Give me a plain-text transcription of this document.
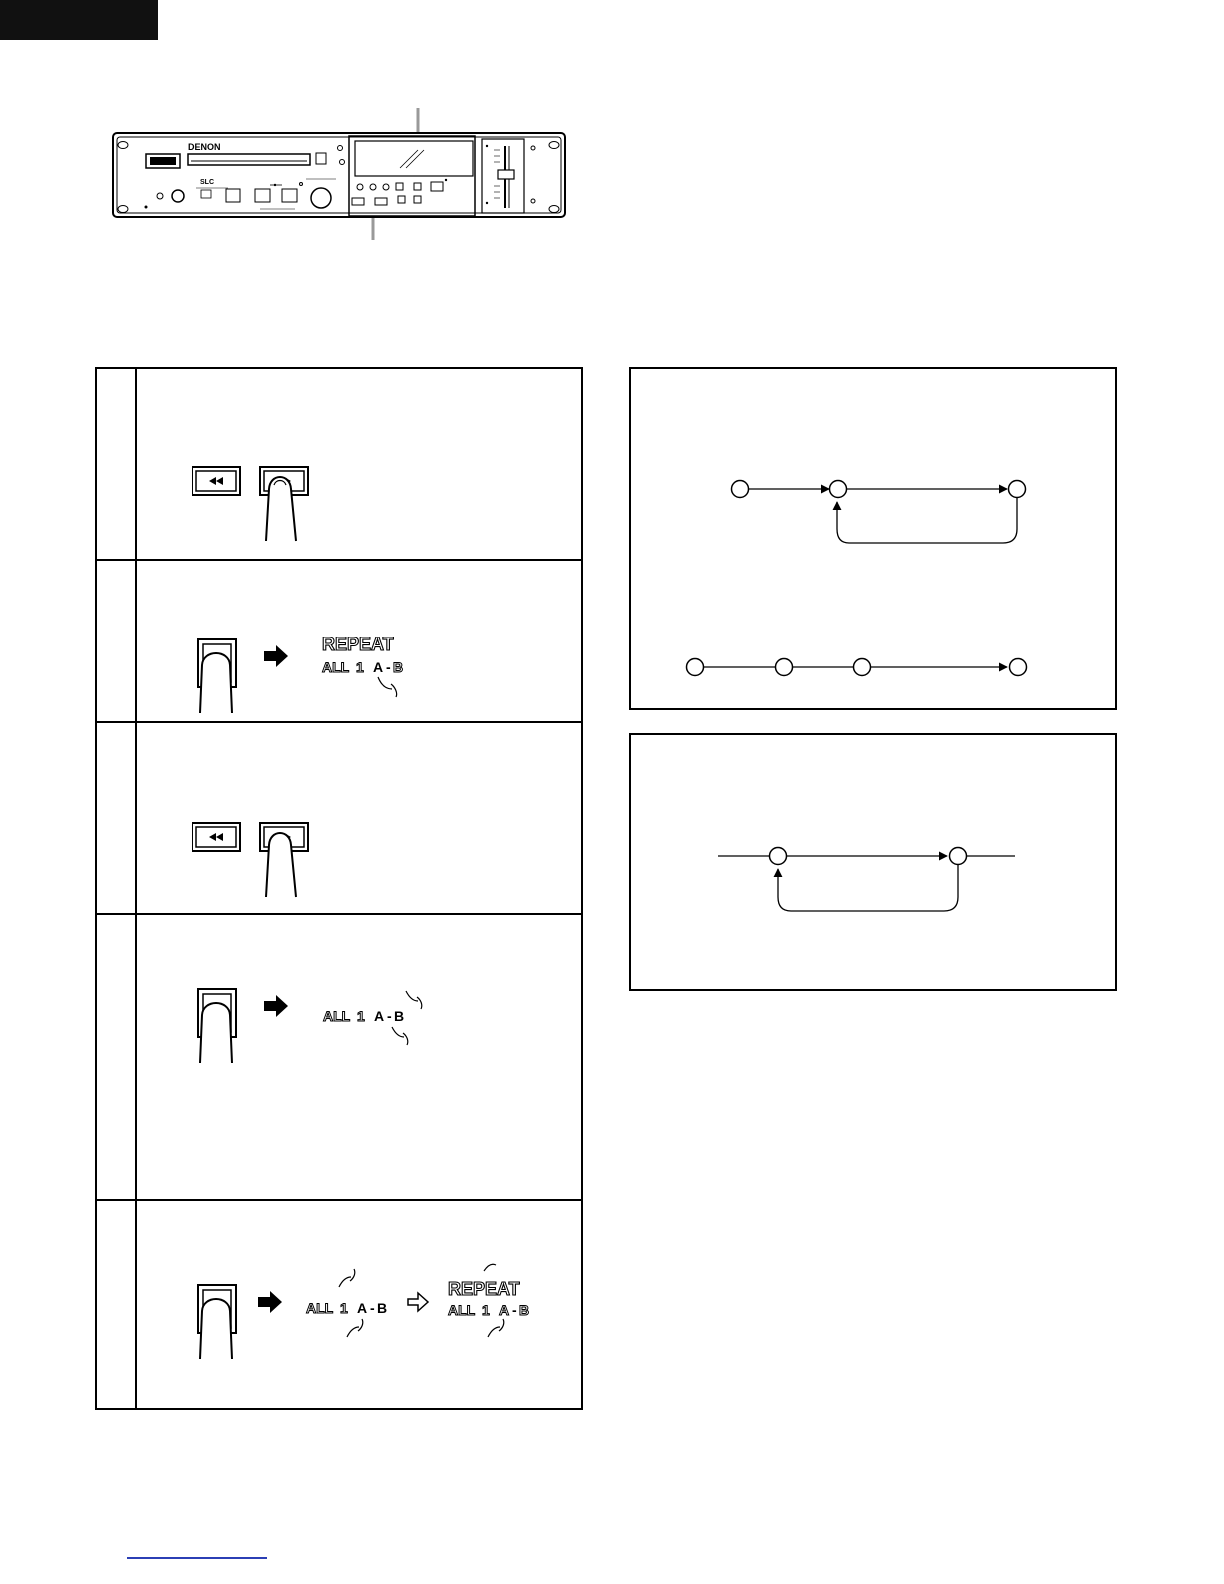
DENON
SLC
REPEAT
ALL 1 A - B
ALL 1 A - B
ALL 1 A - B
REPEAT
ALL 1 A - B
